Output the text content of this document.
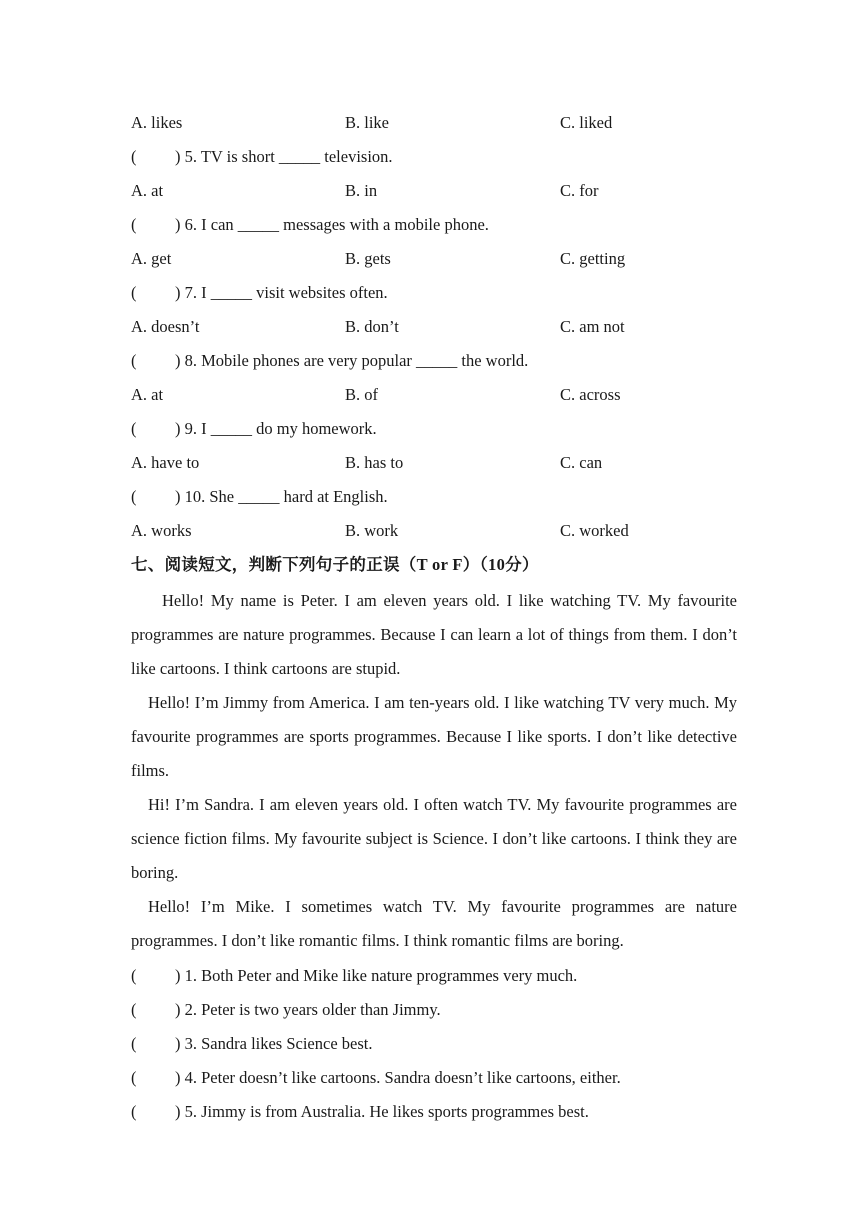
A. likes	B. like	C. liked
( ) 5. TV is short _____ television.
A. at	B. in	C. for
( ) 6. I can _____ messages with a mobile phone.
A. get	B. gets	C. getting
( ) 7. I _____ visit websites often.
A. doesn’t	B. don’t	C. am not
( ) 8. Mobile phones are very popular _____ the world.
A. at	B. of	C. across
( ) 9. I _____ do my homework.
A. have to	B. has to	C. can
( ) 10. She _____ hard at English.
A. works	B. work	C. worked
七、阅读短文，判断下列句子的正误（T or F）（10分）
Hello! My name is Peter. I am eleven years old. I like watching TV. My favourite programmes are nature programmes. Because I can learn a lot of things from them. I don’t like cartoons. I think cartoons are stupid.
Hello! I’m Jimmy from America. I am ten-years old. I like watching TV very much. My favourite programmes are sports programmes. Because I like sports. I don’t like detective films.
Hi! I’m Sandra. I am eleven years old. I often watch TV. My favourite programmes are science fiction films. My favourite subject is Science. I don’t like cartoons. I think they are boring.
Hello! I’m Mike. I sometimes watch TV. My favourite programmes are nature programmes. I don’t like romantic films. I think romantic films are boring.
( ) 1. Both Peter and Mike like nature programmes very much.
( ) 2. Peter is two years older than Jimmy.
( ) 3. Sandra likes Science best.
( ) 4. Peter doesn’t like cartoons. Sandra doesn’t like cartoons, either.
( ) 5. Jimmy is from Australia. He likes sports programmes best.
